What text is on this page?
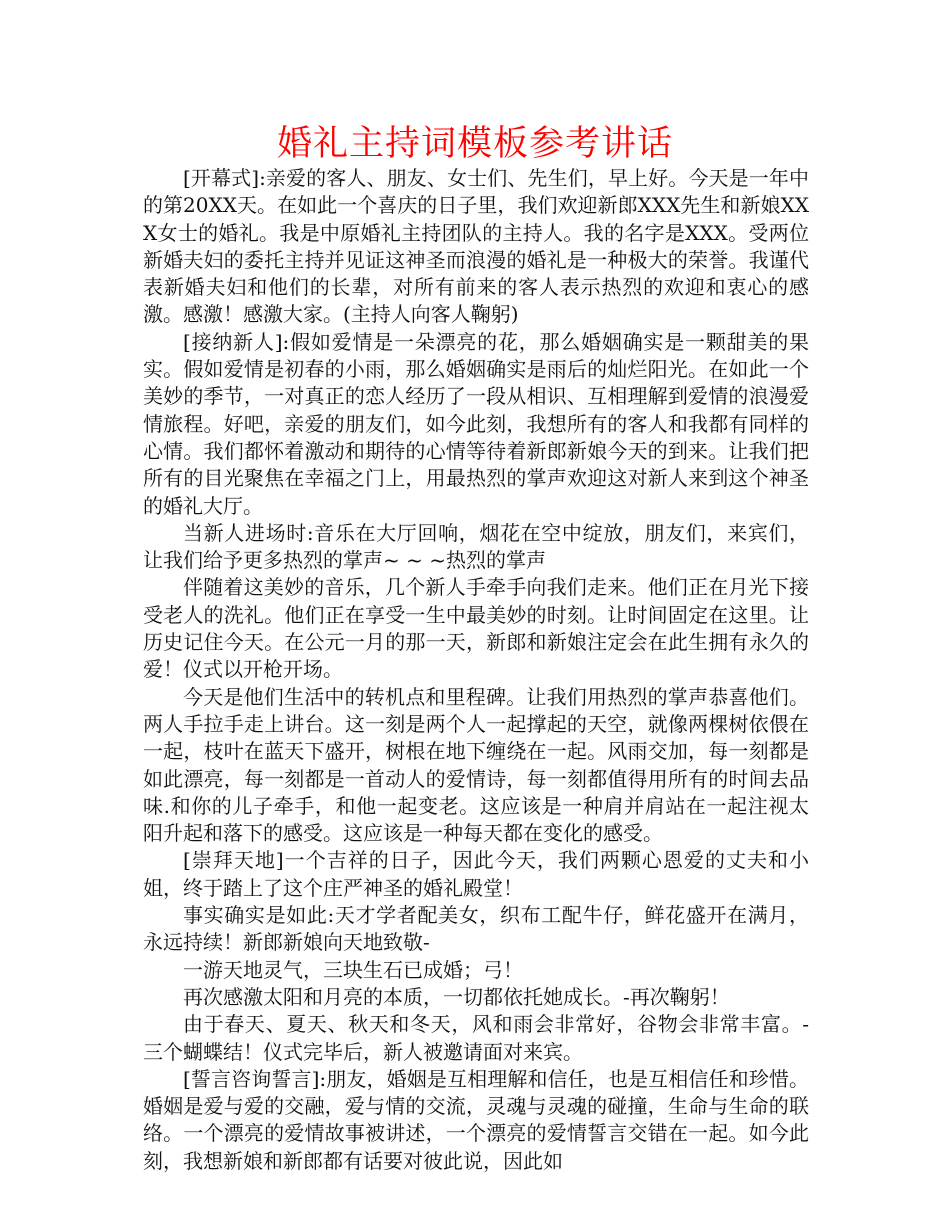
婚礼主持词模板参考讲话

[开幕式]:亲爱的客人、朋友、女士们、先生们，早上好。今天是一年中的第20XX天。在如此一个喜庆的日子里，我们欢迎新郎XXX先生和新娘XXX女士的婚礼。我是中原婚礼主持团队的主持人。我的名字是XXX。受两位新婚夫妇的委托主持并见证这神圣而浪漫的婚礼是一种极大的荣誉。我谨代表新婚夫妇和他们的长辈，对所有前来的客人表示热烈的欢迎和衷心的感激。感激！感激大家。(主持人向客人鞠躬)

[接纳新人]:假如爱情是一朵漂亮的花，那么婚姻确实是一颗甜美的果实。假如爱情是初春的小雨，那么婚姻确实是雨后的灿烂阳光。在如此一个美妙的季节，一对真正的恋人经历了一段从相识、互相理解到爱情的浪漫爱情旅程。好吧，亲爱的朋友们，如今此刻，我想所有的客人和我都有同样的心情。我们都怀着激动和期待的心情等待着新郎新娘今天的到来。让我们把所有的目光聚焦在幸福之门上，用最热烈的掌声欢迎这对新人来到这个神圣的婚礼大厅。

当新人进场时:音乐在大厅回响，烟花在空中绽放，朋友们，来宾们，让我们给予更多热烈的掌声~ ~ ~热烈的掌声

伴随着这美妙的音乐，几个新人手牵手向我们走来。他们正在月光下接受老人的洗礼。他们正在享受一生中最美妙的时刻。让时间固定在这里。让历史记住今天。在公元一月的那一天，新郎和新娘注定会在此生拥有永久的爱！仪式以开枪开场。

今天是他们生活中的转机点和里程碑。让我们用热烈的掌声恭喜他们。两人手拉手走上讲台。这一刻是两个人一起撑起的天空，就像两棵树依偎在一起，枝叶在蓝天下盛开，树根在地下缠绕在一起。风雨交加，每一刻都是如此漂亮，每一刻都是一首动人的爱情诗，每一刻都值得用所有的时间去品味.和你的儿子牵手，和他一起变老。这应该是一种肩并肩站在一起注视太阳升起和落下的感受。这应该是一种每天都在变化的感受。

[崇拜天地]一个吉祥的日子，因此今天，我们两颗心恩爱的丈夫和小姐，终于踏上了这个庄严神圣的婚礼殿堂！

事实确实是如此:天才学者配美女，织布工配牛仔，鲜花盛开在满月，永远持续！新郎新娘向天地致敬-

一游天地灵气，三块生石已成婚；弓！

再次感激太阳和月亮的本质，一切都依托她成长。-再次鞠躬！

由于春天、夏天、秋天和冬天，风和雨会非常好，谷物会非常丰富。-三个蝴蝶结！仪式完毕后，新人被邀请面对来宾。

[誓言咨询誓言]:朋友，婚姻是互相理解和信任，也是互相信任和珍惜。婚姻是爱与爱的交融，爱与情的交流，灵魂与灵魂的碰撞，生命与生命的联络。一个漂亮的爱情故事被讲述，一个漂亮的爱情誓言交错在一起。如今此刻，我想新娘和新郎都有话要对彼此说，因此如
